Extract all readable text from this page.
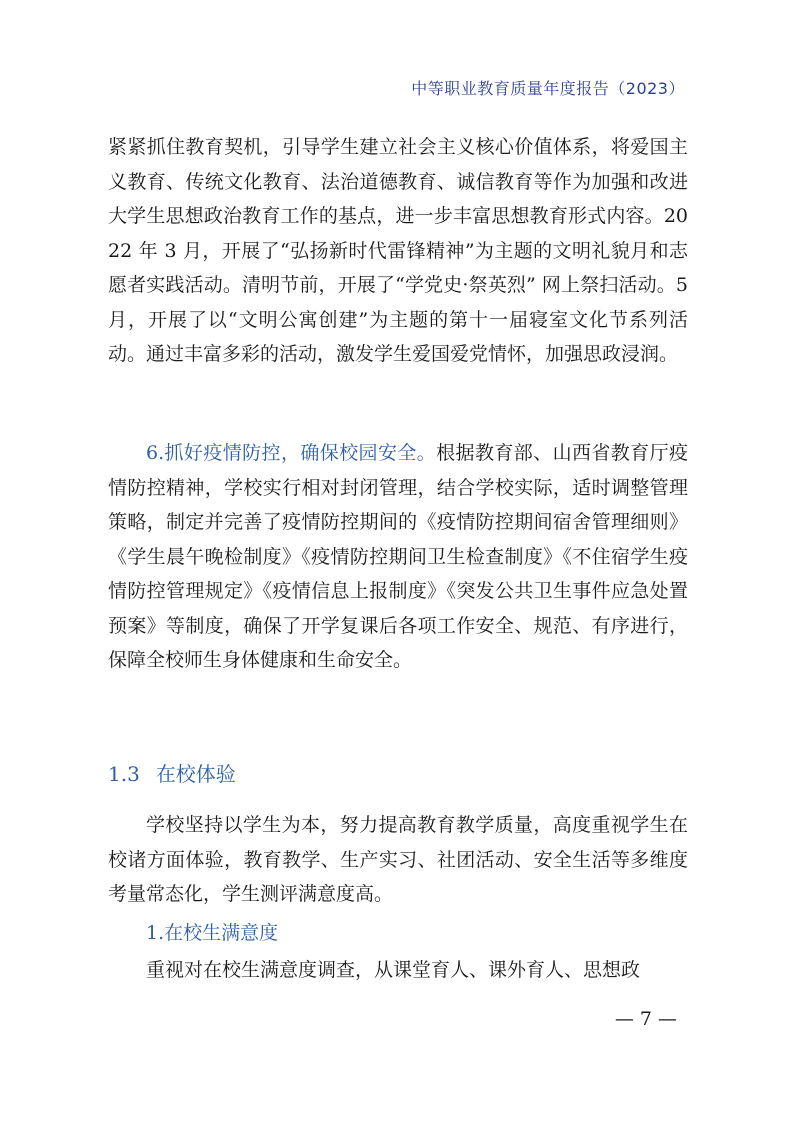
中等职业教育质量年度报告（2023）

紧紧抓住教育契机，引导学生建立社会主义核心价值体系，将爱国主义教育、传统文化教育、法治道德教育、诚信教育等作为加强和改进大学生思想政治教育工作的基点，进一步丰富思想教育形式内容。2022 年 3 月，开展了“弘扬新时代雷锋精神”为主题的文明礼貌月和志愿者实践活动。清明节前，开展了“学党史·祭英烈” 网上祭扫活动。5 月，开展了以“文明公寓创建”为主题的第十一届寝室文化节系列活动。通过丰富多彩的活动，激发学生爱国爱党情怀，加强思政浸润。

6.抓好疫情防控，确保校园安全。根据教育部、山西省教育厅疫情防控精神，学校实行相对封闭管理，结合学校实际，适时调整管理策略，制定并完善了疫情防控期间的《疫情防控期间宿舍管理细则》《学生晨午晚检制度》《疫情防控期间卫生检查制度》《不住宿学生疫情防控管理规定》《疫情信息上报制度》《突发公共卫生事件应急处置预案》等制度，确保了开学复课后各项工作安全、规范、有序进行，保障全校师生身体健康和生命安全。

1.3 在校体验

学校坚持以学生为本，努力提高教育教学质量，高度重视学生在校诸方面体验，教育教学、生产实习、社团活动、安全生活等多维度考量常态化，学生测评满意度高。

1.在校生满意度

重视对在校生满意度调查，从课堂育人、课外育人、思想政

— 7 —
